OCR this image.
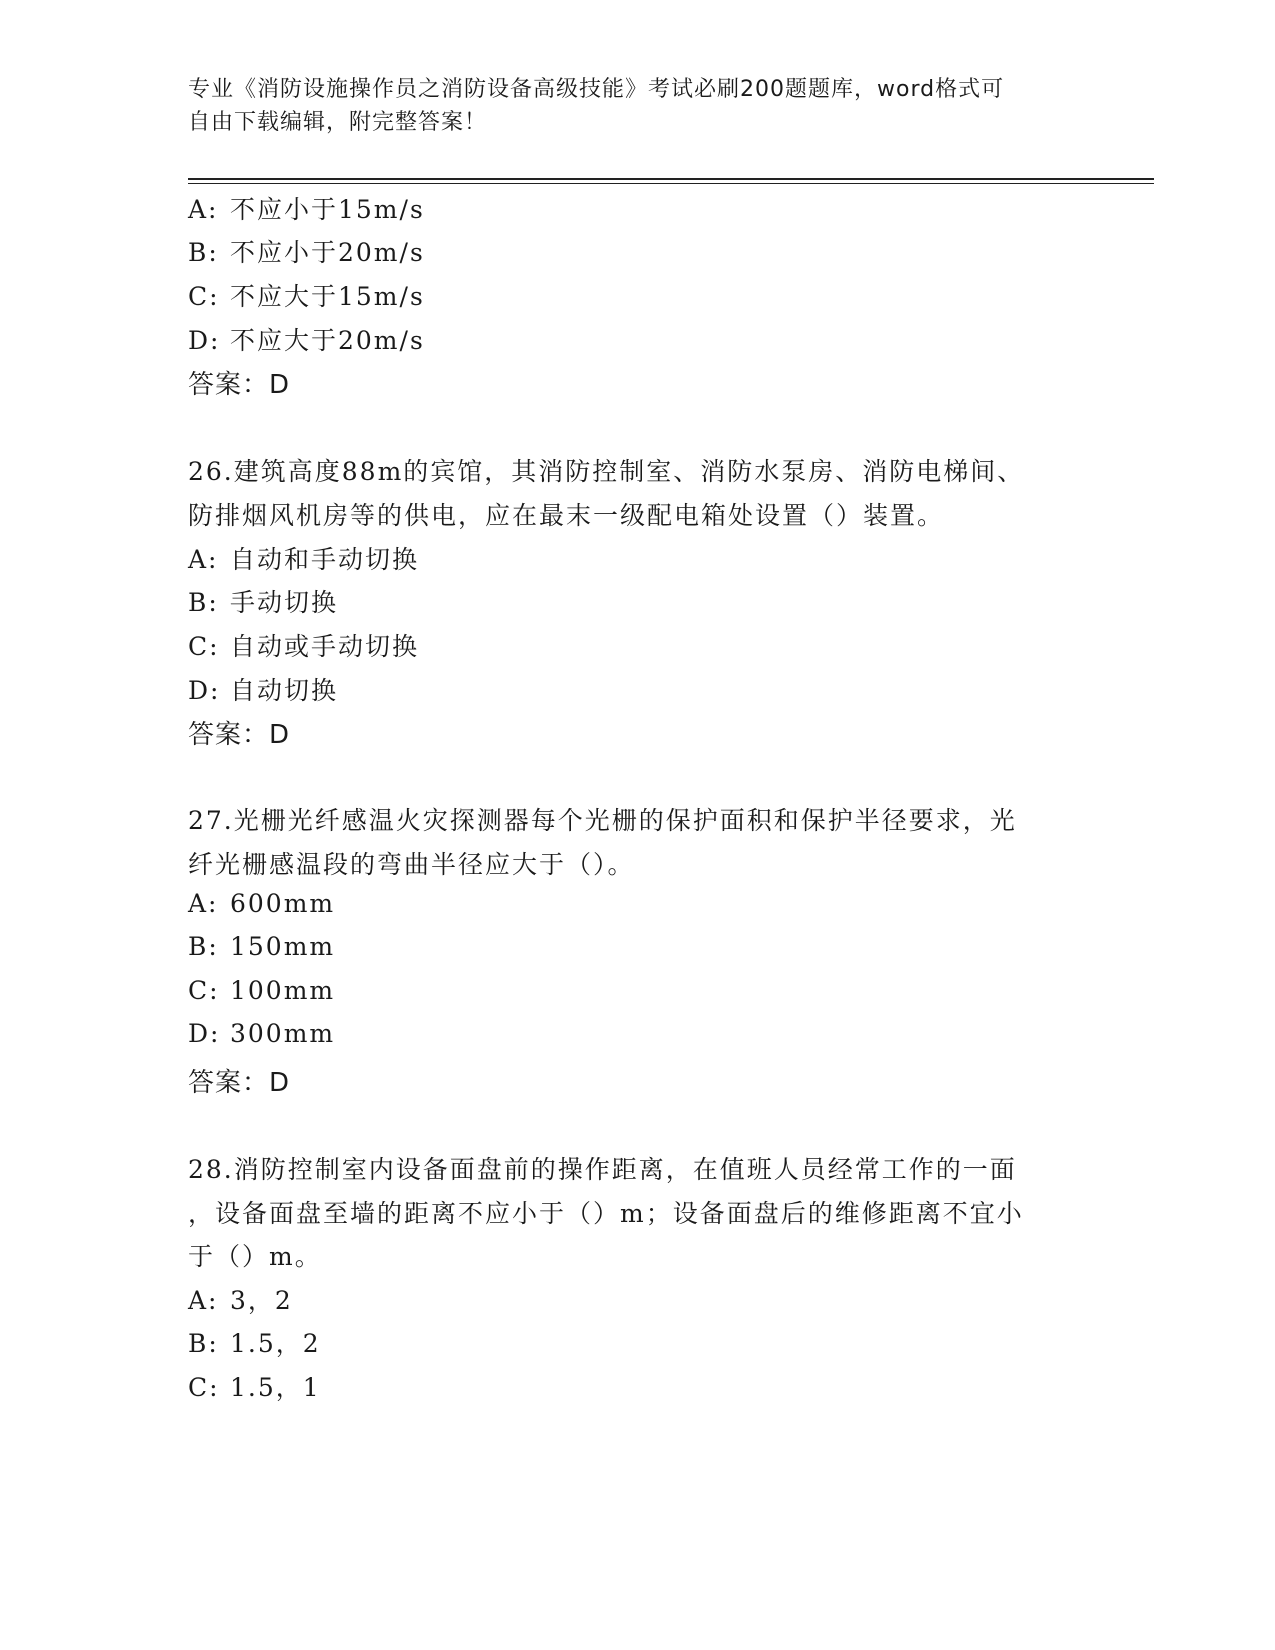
专业《消防设施操作员之消防设备高级技能》考试必刷200题题库，word格式可
自由下载编辑，附完整答案！
A: 不应小于15m/s
B: 不应小于20m/s
C: 不应大于15m/s
D: 不应大于20m/s
答案：D
26.建筑高度88m的宾馆，其消防控制室、消防水泵房、消防电梯间、
防排烟风机房等的供电，应在最末一级配电箱处设置（）装置。
A: 自动和手动切换
B: 手动切换
C: 自动或手动切换
D: 自动切换
答案：D
27.光栅光纤感温火灾探测器每个光栅的保护面积和保护半径要求，光
纤光栅感温段的弯曲半径应大于（）。
A: 600mm
B: 150mm
C: 100mm
D: 300mm
答案：D
28.消防控制室内设备面盘前的操作距离，在值班人员经常工作的一面
，设备面盘至墙的距离不应小于（）m；设备面盘后的维修距离不宜小
于（）m。
A: 3，2
B: 1.5，2
C: 1.5，1
